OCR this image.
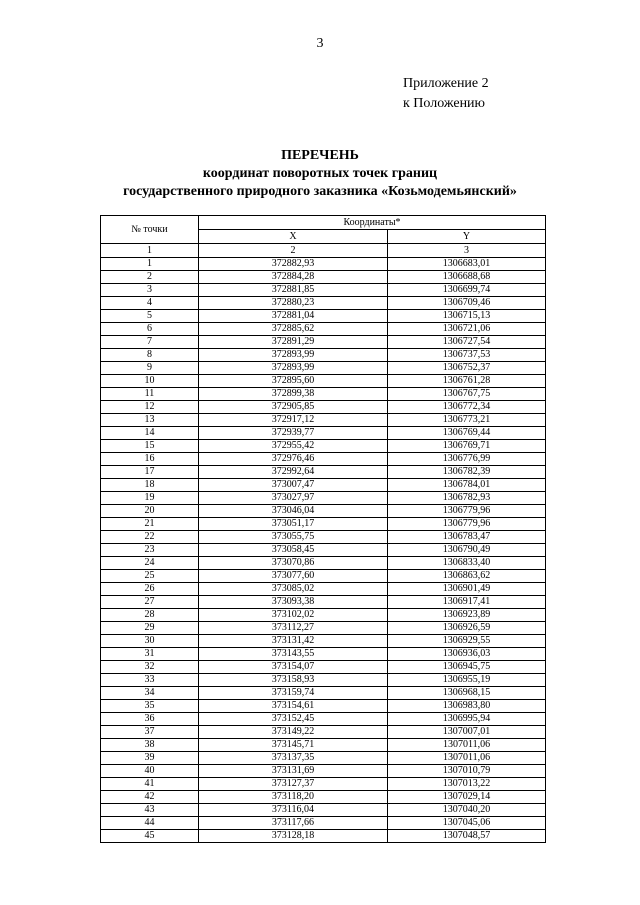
3
Приложение 2
к Положению
ПЕРЕЧЕНЬ
координат поворотных точек границ
государственного природного заказника «Козьмодемьянский»
№ точки	Координаты*	
	X	Y
1	2	3
1	372882,93	1306683,01
2	372884,28	1306688,68
3	372881,85	1306699,74
4	372880,23	1306709,46
5	372881,04	1306715,13
6	372885,62	1306721,06
7	372891,29	1306727,54
8	372893,99	1306737,53
9	372893,99	1306752,37
10	372895,60	1306761,28
11	372899,38	1306767,75
12	372905,85	1306772,34
13	372917,12	1306773,21
14	372939,77	1306769,44
15	372955,42	1306769,71
16	372976,46	1306776,99
17	372992,64	1306782,39
18	373007,47	1306784,01
19	373027,97	1306782,93
20	373046,04	1306779,96
21	373051,17	1306779,96
22	373055,75	1306783,47
23	373058,45	1306790,49
24	373070,86	1306833,40
25	373077,60	1306863,62
26	373085,02	1306901,49
27	373093,38	1306917,41
28	373102,02	1306923,89
29	373112,27	1306926,59
30	373131,42	1306929,55
31	373143,55	1306936,03
32	373154,07	1306945,75
33	373158,93	1306955,19
34	373159,74	1306968,15
35	373154,61	1306983,80
36	373152,45	1306995,94
37	373149,22	1307007,01
38	373145,71	1307011,06
39	373137,35	1307011,06
40	373131,69	1307010,79
41	373127,37	1307013,22
42	373118,20	1307029,14
43	373116,04	1307040,20
44	373117,66	1307045,06
45	373128,18	1307048,57
